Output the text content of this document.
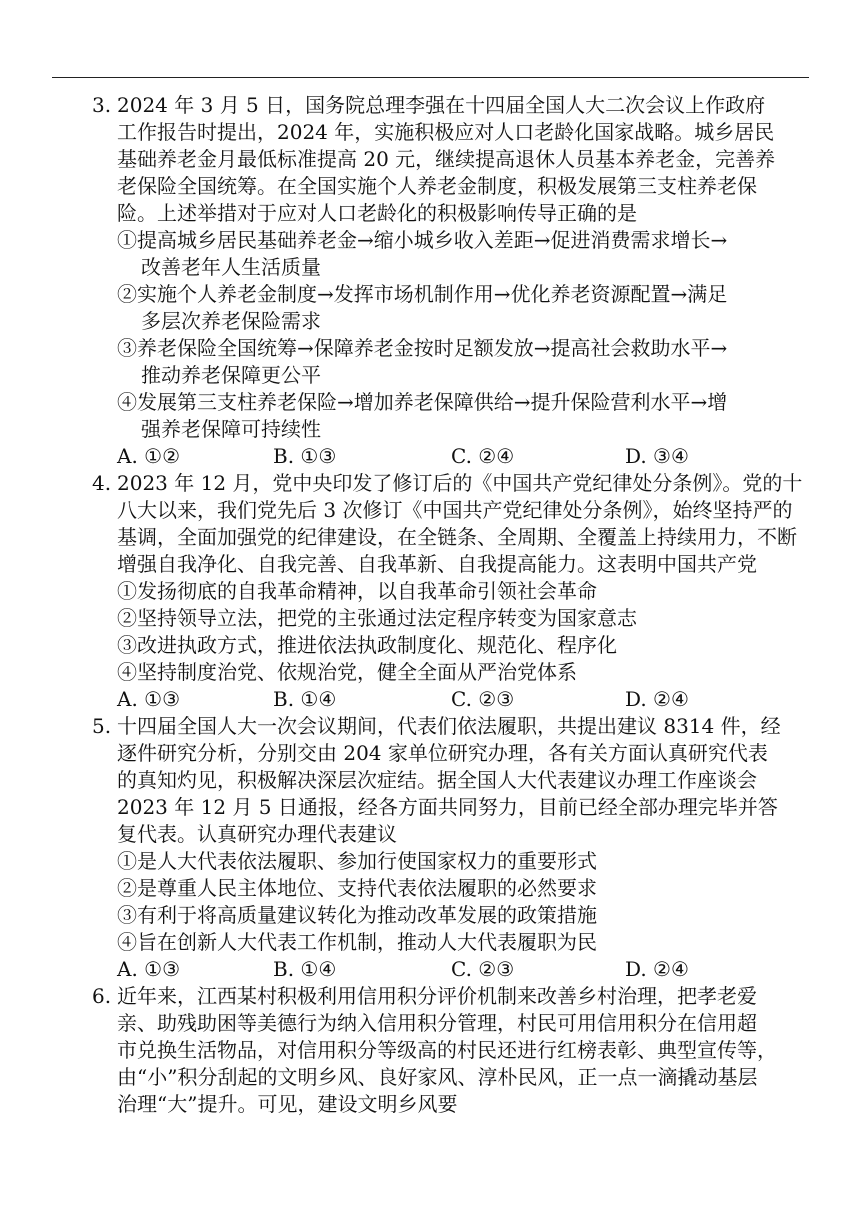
3. 2024 年 3 月 5 日，国务院总理李强在十四届全国人大二次会议上作政府
工作报告时提出，2024 年，实施积极应对人口老龄化国家战略。城乡居民
基础养老金月最低标准提高 20 元，继续提高退休人员基本养老金，完善养
老保险全国统筹。在全国实施个人养老金制度，积极发展第三支柱养老保
险。上述举措对于应对人口老龄化的积极影响传导正确的是
①提高城乡居民基础养老金→缩小城乡收入差距→促进消费需求增长→
改善老年人生活质量
②实施个人养老金制度→发挥市场机制作用→优化养老资源配置→满足
多层次养老保险需求
③养老保险全国统筹→保障养老金按时足额发放→提高社会救助水平→
推动养老保障更公平
④发展第三支柱养老保险→增加养老保障供给→提升保险营利水平→增
强养老保障可持续性
A. ①②	B. ①③	C. ②④	D. ③④
4. 2023 年 12 月，党中央印发了修订后的《中国共产党纪律处分条例》。党的十
八大以来，我们党先后 3 次修订《中国共产党纪律处分条例》，始终坚持严的
基调，全面加强党的纪律建设，在全链条、全周期、全覆盖上持续用力，不断
增强自我净化、自我完善、自我革新、自我提高能力。这表明中国共产党
①发扬彻底的自我革命精神，以自我革命引领社会革命
②坚持领导立法，把党的主张通过法定程序转变为国家意志
③改进执政方式，推进依法执政制度化、规范化、程序化
④坚持制度治党、依规治党，健全全面从严治党体系
A. ①③	B. ①④	C. ②③	D. ②④
5. 十四届全国人大一次会议期间，代表们依法履职，共提出建议 8314 件，经
逐件研究分析，分别交由 204 家单位研究办理，各有关方面认真研究代表
的真知灼见，积极解决深层次症结。据全国人大代表建议办理工作座谈会
2023 年 12 月 5 日通报，经各方面共同努力，目前已经全部办理完毕并答
复代表。认真研究办理代表建议
①是人大代表依法履职、参加行使国家权力的重要形式
②是尊重人民主体地位、支持代表依法履职的必然要求
③有利于将高质量建议转化为推动改革发展的政策措施
④旨在创新人大代表工作机制，推动人大代表履职为民
A. ①③	B. ①④	C. ②③	D. ②④
6. 近年来，江西某村积极利用信用积分评价机制来改善乡村治理，把孝老爱
亲、助残助困等美德行为纳入信用积分管理，村民可用信用积分在信用超
市兑换生活物品，对信用积分等级高的村民还进行红榜表彰、典型宣传等，
由“小”积分刮起的文明乡风、良好家风、淳朴民风，正一点一滴撬动基层
治理“大”提升。可见，建设文明乡风要
